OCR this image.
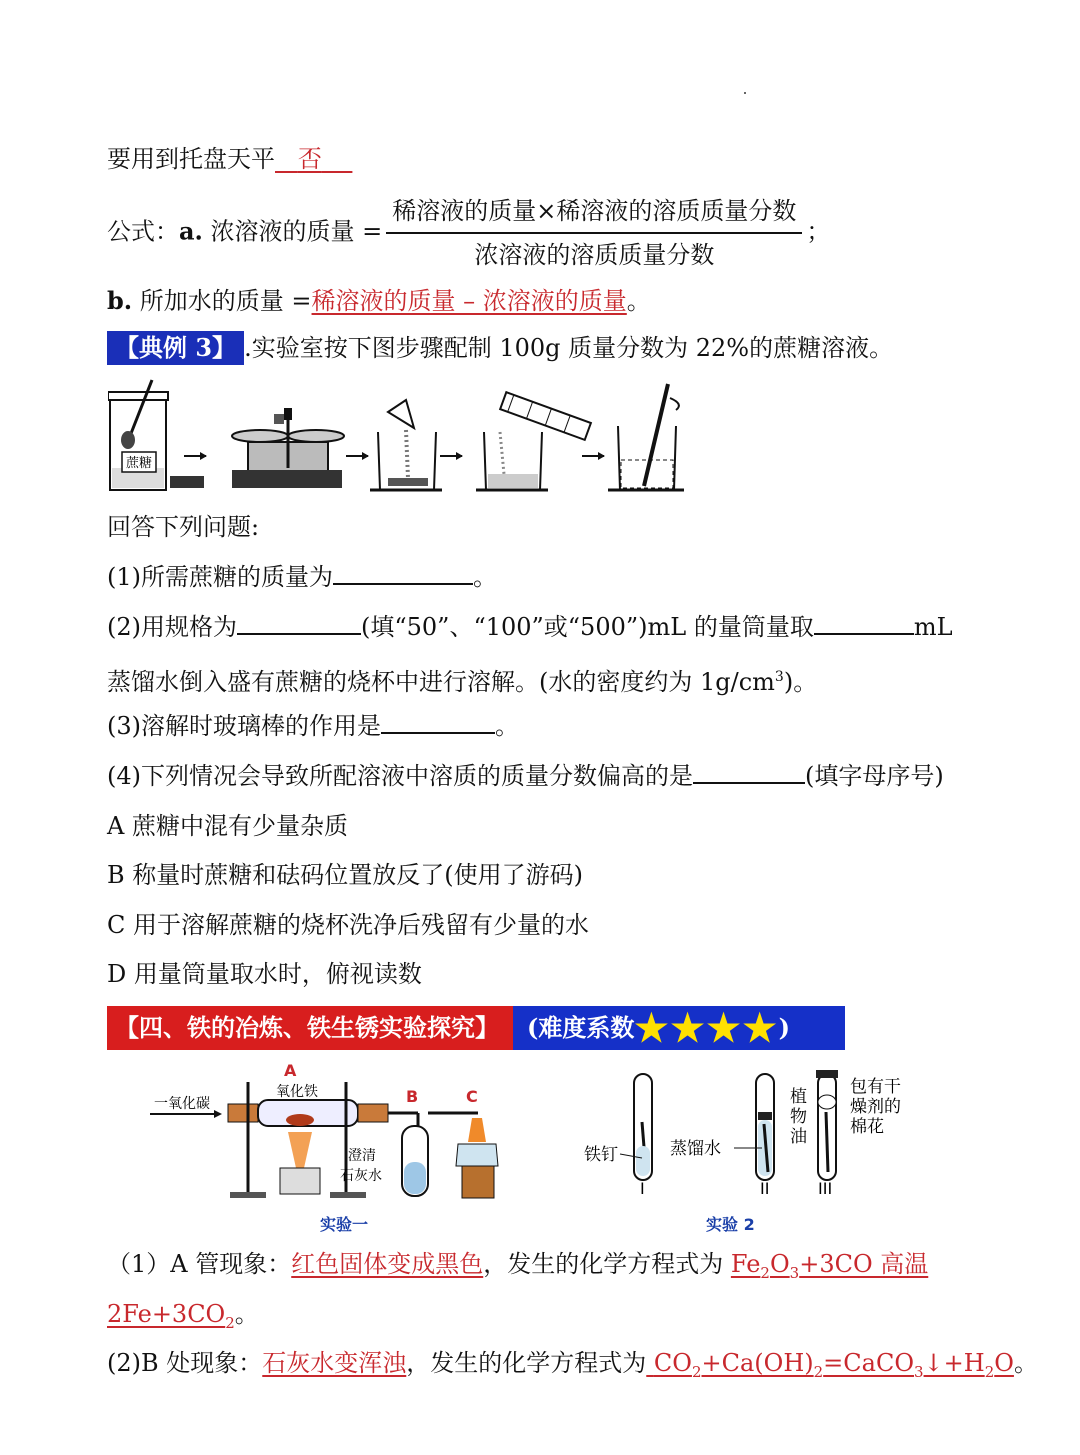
要用到托盘天平 否
公式：a. 浓溶液的质量 = $\frac{\text{稀溶液的质量×稀溶液的溶质质量分数}}{\text{浓溶液的溶质质量分数}}$ ；
b. 所加水的质量 =稀溶液的质量 – 浓溶液的质量。
【典例 3】 .实验室按下图步骤配制 100g 质量分数为 22%的蔗糖溶液。
蔗糖
回答下列问题:
(1)所需蔗糖的质量为	。
(2)用规格为	(填“50”、“100”或“500”)mL 的量筒量取	mL
蒸馏水倒入盛有蔗糖的烧杯中进行溶解。(水的密度约为 $1g/cm^3$)。
(3)溶解时玻璃棒的作用是	。
(4)下列情况会导致所配溶液中溶质的质量分数偏高的是	(填字母序号)
A 蔗糖中混有少量杂质
B 称量时蔗糖和砝码位置放反了(使用了游码)
C 用于溶解蔗糖的烧杯洗净后残留有少量的水
D 用量筒量取水时，俯视读数
【四、铁的冶炼、铁生锈实验探究】	(难度系数 ★ ★ ★ ★ )
一氧化碳
A
氧化铁
澄清
石灰水
B	C
实验一
铁钉
I
蒸馏水
植
物
油
II
包有干
燥剂的
棉花
III
实验 2
（1）A 管现象：红色固体变成黑色，发生的化学方程式为 $Fe_2O_3+3CO$ 高温
$2Fe+3CO_2$。
(2)B 处现象：石灰水变浑浊，发生的化学方程式为 $CO_2+Ca(OH)_2=CaCO_3↓+H_2O$。
